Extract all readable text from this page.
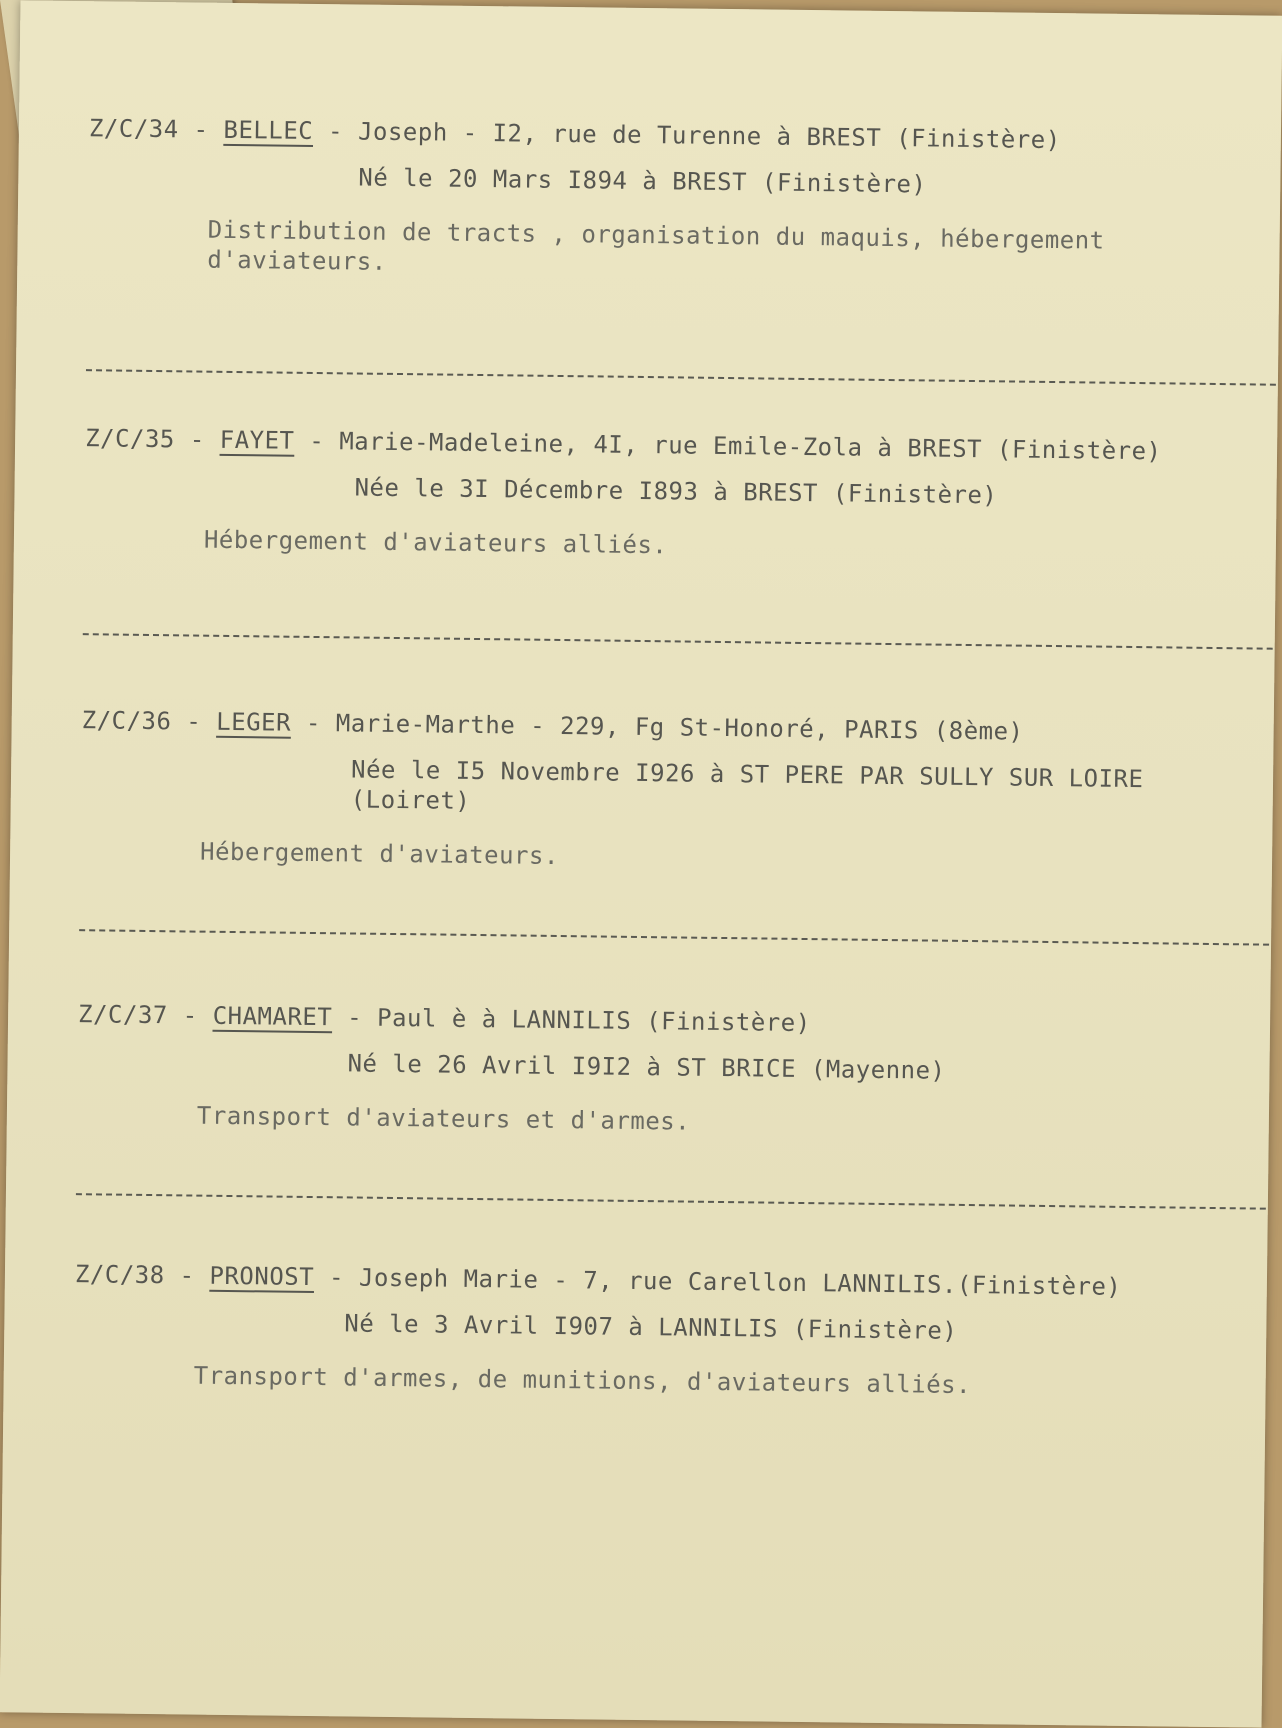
Z/C/34 - BELLEC - Joseph - I2, rue de Turenne à BREST (Finistère)
Né le 20 Mars I894 à BREST (Finistère)
Distribution de tracts , organisation du maquis, hébergement d'aviateurs.
Z/C/35 - FAYET - Marie-Madeleine, 4I, rue Emile-Zola à BREST (Finistère)
Née le 3I Décembre I893 à BREST (Finistère)
Hébergement d'aviateurs alliés.
Z/C/36 - LEGER - Marie-Marthe - 229, Fg St-Honoré, PARIS (8ème)
Née le I5 Novembre I926 à ST PERE PAR SULLY SUR LOIRE
(Loiret)
Hébergement d'aviateurs.
Z/C/37 - CHAMARET - Paul è à LANNILIS (Finistère)
Né le 26 Avril I9I2 à ST BRICE (Mayenne)
Transport d'aviateurs et d'armes.
Z/C/38 - PRONOST - Joseph Marie - 7, rue Carellon LANNILIS.(Finistère)
Né le 3 Avril I907 à LANNILIS (Finistère)
Transport d'armes, de munitions, d'aviateurs alliés.
